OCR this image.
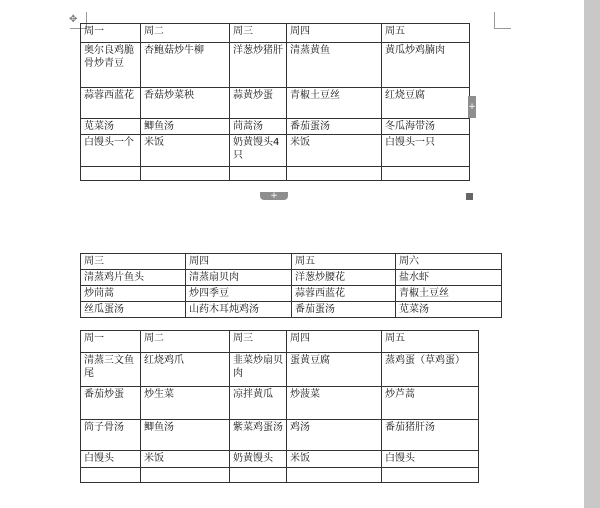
✥
周一	周二	周三	周四	周五
奥尔良鸡脆骨炒青豆	杏鲍菇炒牛柳	洋葱炒猪肝	清蒸黄鱼	黄瓜炒鸡腩肉
蒜蓉西蓝花	香菇炒菜秧	蒜黄炒蛋	青椒土豆丝	红烧豆腐
苋菜汤	鲫鱼汤	茼蒿汤	番茄蛋汤	冬瓜海带汤
白馒头一个	米饭	奶黄馒头4只	米饭	白馒头一只

+
+
周三	周四	周五	周六
清蒸鸡片鱼头	清蒸扇贝肉	洋葱炒腰花	盐水虾
炒茼蒿	炒四季豆	蒜蓉西蓝花	青椒土豆丝
丝瓜蛋汤	山药木耳炖鸡汤	番茄蛋汤	苋菜汤
周一	周二	周三	周四	周五
清蒸三文鱼尾	红烧鸡爪	韭菜炒扇贝肉	蛋黄豆腐	蒸鸡蛋（草鸡蛋）
番茄炒蛋	炒生菜	凉拌黄瓜	炒菠菜	炒芦蒿
筒子骨汤	鲫鱼汤	紫菜鸡蛋汤	鸡汤	番茄猪肝汤
白馒头	米饭	奶黄馒头	米饭	白馒头
